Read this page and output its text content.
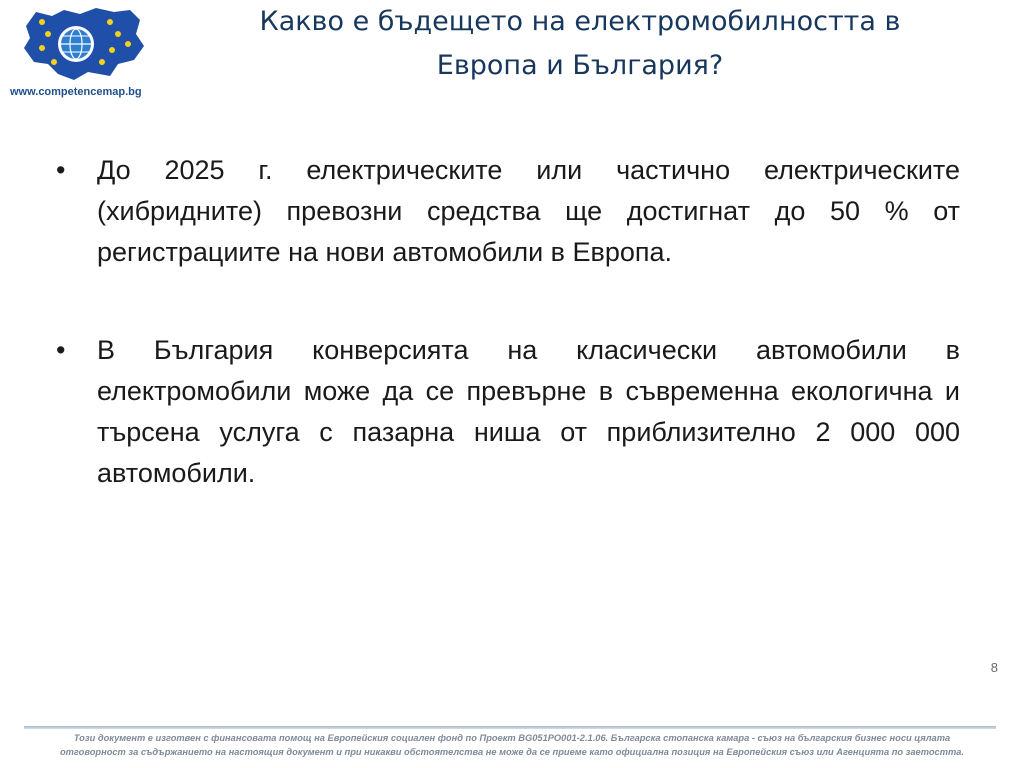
www.competencemap.bg
Какво е бъдещето на електромобилността в
Европа и България?
•	До 2025 г. електрическите или частично електрическите (хибридните) превозни средства ще достигнат до 50 % от регистрациите на нови автомобили в Европа.
•	В България конверсията на класически автомобили в електромобили може да се превърне в съвременна екологична и търсена услуга с пазарна ниша от приблизително 2 000 000 автомобили.
8
Този документ е изготвен с финансовата помощ на Европейския социален фонд по Проект BG051PO001-2.1.06. Българска стопанска камара - съюз на българския бизнес носи цялата
отговорност за съдържанието на настоящия документ и при никакви обстоятелства не може да се приеме като официална позиция на Европейския съюз или Агенцията по заетостта.
